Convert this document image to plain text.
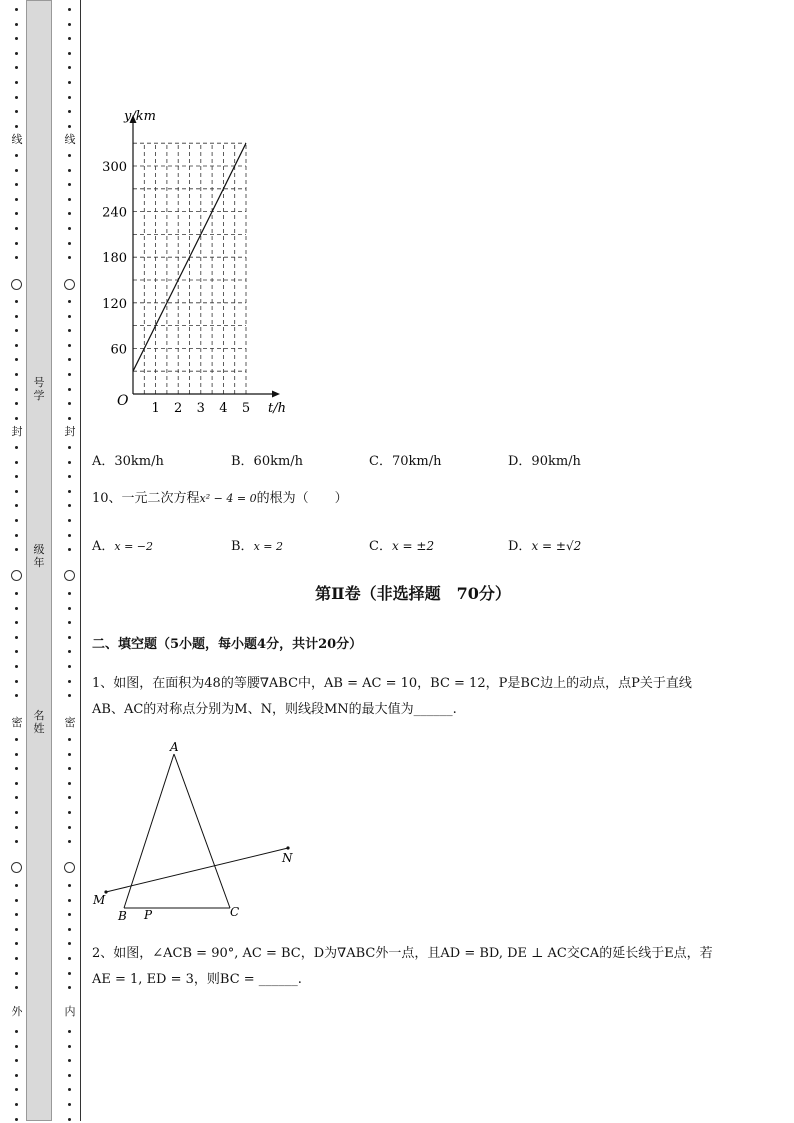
线
封
密
外
线
封
密
内
号学
级年
名姓
60
120
180
240
300
1 2 3 4 5
y/km
t/h
O
A．30km/h	B．60km/h	C．70km/h	D．90km/h
10、一元二次方程x² − 4 = 0的根为（　　）
A．x = −2	B．x = 2	C．x = ±2	D．x = ±√2
第Ⅱ卷（非选择题　70分）
二、填空题（5小题，每小题4分，共计20分）
1、如图，在面积为48的等腰∇ABC中，AB = AC = 10，BC = 12，P是BC边上的动点，点P关于直线
AB、AC的对称点分别为M、N，则线段MN的最大值为______.
A
B	C
P
M
N
2、如图，∠ACB = 90°, AC = BC，D为∇ABC外一点，且AD = BD, DE ⊥ AC交CA的延长线于E点，若
AE = 1, ED = 3，则BC = ______.
